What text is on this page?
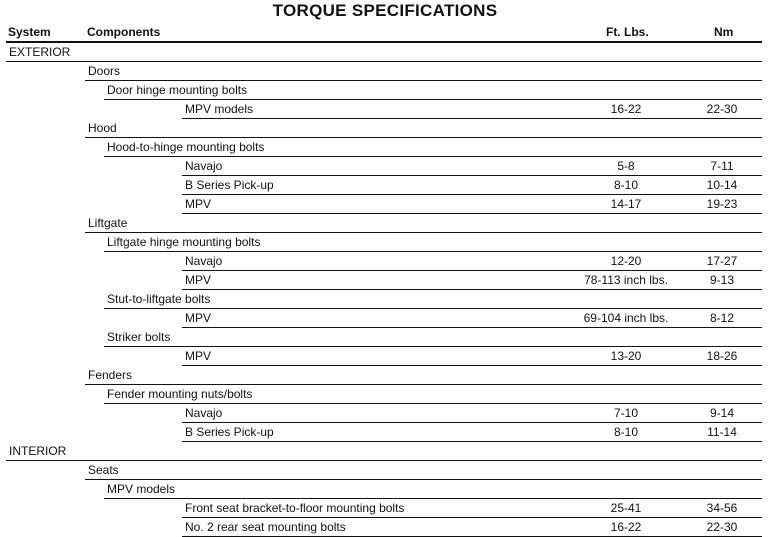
TORQUE SPECIFICATIONS
System	Components	Ft. Lbs.	Nm
EXTERIOR
Doors
Door hinge mounting bolts
MPV models	16-22	22-30
Hood
Hood-to-hinge mounting bolts
Navajo	5-8	7-11
B Series Pick-up	8-10	10-14
MPV	14-17	19-23
Liftgate
Liftgate hinge mounting bolts
Navajo	12-20	17-27
MPV	78-113 inch lbs.	9-13
Stut-to-liftgate bolts
MPV	69-104 inch lbs.	8-12
Striker bolts
MPV	13-20	18-26
Fenders
Fender mounting nuts/bolts
Navajo	7-10	9-14
B Series Pick-up	8-10	11-14
INTERIOR
Seats
MPV models
Front seat bracket-to-floor mounting bolts	25-41	34-56
No. 2 rear seat mounting bolts	16-22	22-30
